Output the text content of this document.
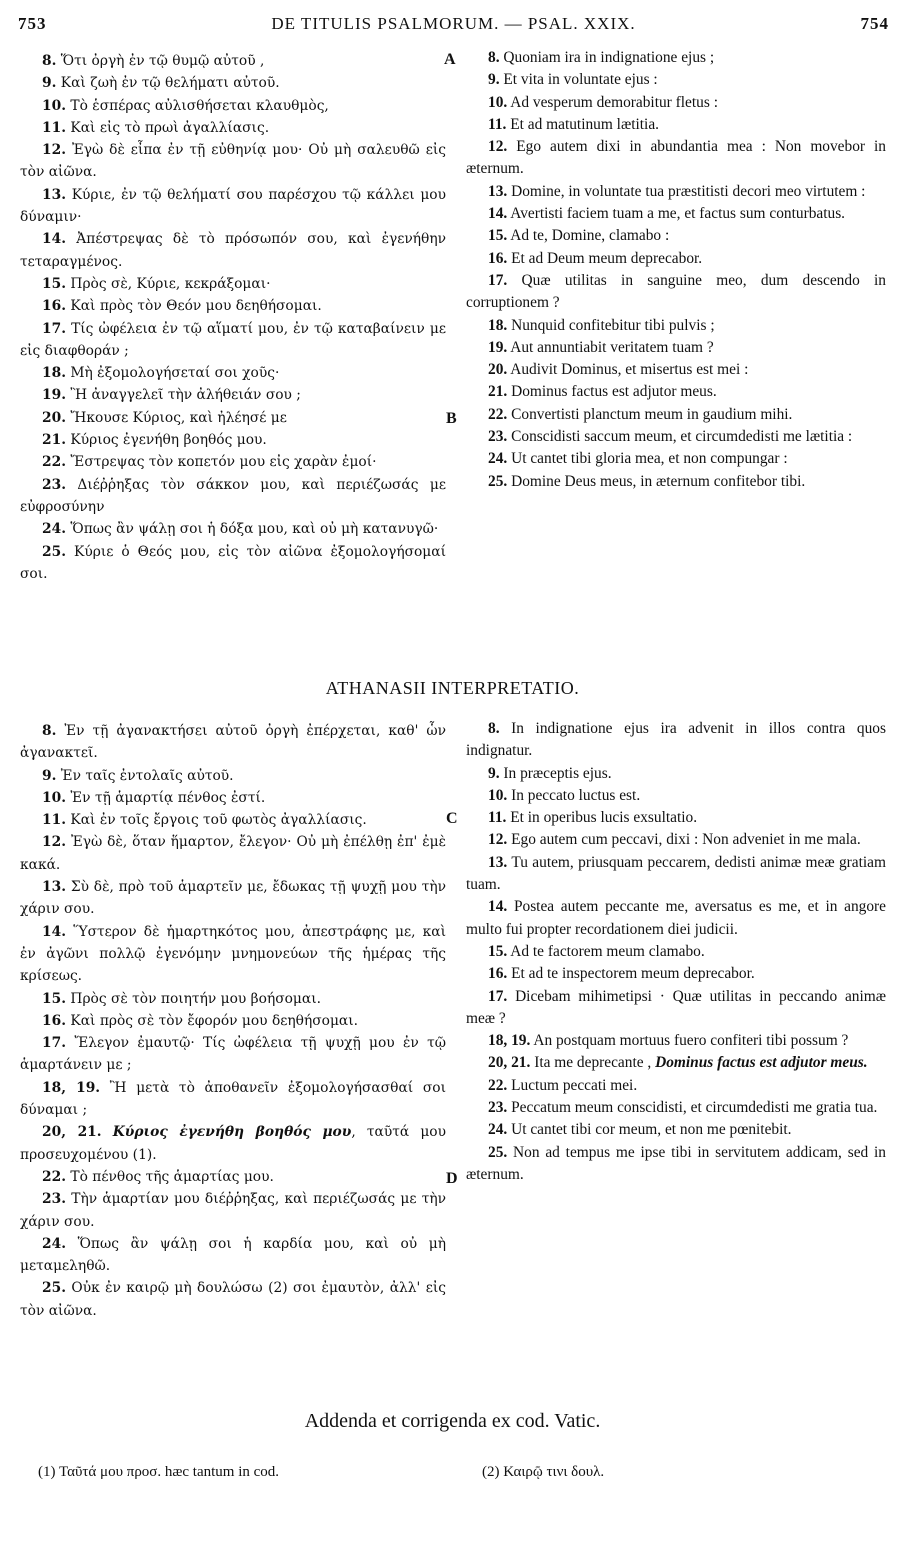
753	DE TITULIS PSALMORUM. — PSAL. XXIX.	754

8. Ὅτι ὀργὴ ἐν τῷ θυμῷ αὐτοῦ ,

9. Καὶ ζωὴ ἐν τῷ θελήματι αὐτοῦ.

10. Τὸ ἑσπέρας αὐλισθήσεται κλαυθμὸς,

11. Καὶ εἰς τὸ πρωὶ ἀγαλλίασις.

12. Ἐγὼ δὲ εἶπα ἐν τῇ εὐθηνίᾳ μου· Οὐ μὴ σαλευθῶ εἰς τὸν αἰῶνα.

13. Κύριε, ἐν τῷ θελήματί σου παρέσχου τῷ κάλλει μου δύναμιν·

14. Ἀπέστρεψας δὲ τὸ πρόσωπόν σου, καὶ ἐγενήθην τεταραγμένος.

15. Πρὸς σὲ, Κύριε, κεκράξομαι·

16. Καὶ πρὸς τὸν Θεόν μου δεηθήσομαι.

17. Τίς ὠφέλεια ἐν τῷ αἵματί μου, ἐν τῷ καταβαίνειν με εἰς διαφθοράν ;

18. Μὴ ἐξομολογήσεταί σοι χοῦς·

19. Ἢ ἀναγγελεῖ τὴν ἀλήθειάν σου ;

20. Ἤκουσε Κύριος, καὶ ἠλέησέ με

21. Κύριος ἐγενήθη βοηθός μου.

22. Ἔστρεψας τὸν κοπετόν μου εἰς χαρὰν ἐμοί·

23. Διέῤῥηξας τὸν σάκκον μου, καὶ περιέζωσάς με εὐφροσύνην

24. Ὅπως ἂν ψάλῃ σοι ἡ δόξα μου, καὶ οὐ μὴ κατανυγῶ·

25. Κύριε ὁ Θεός μου, εἰς τὸν αἰῶνα ἐξομολογήσομαί σοι.

8. Quoniam ira in indignatione ejus ;

9. Et vita in voluntate ejus :

10. Ad vesperum demorabitur fletus :

11. Et ad matutinum lætitia.

12. Ego autem dixi in abundantia mea : Non movebor in æternum.

13. Domine, in voluntate tua præstitisti decori meo virtutem :

14. Avertisti faciem tuam a me, et factus sum conturbatus.

15. Ad te, Domine, clamabo :

16. Et ad Deum meum deprecabor.

17. Quæ utilitas in sanguine meo, dum descendo in corruptionem ?

18. Nunquid confitebitur tibi pulvis ;

19. Aut annuntiabit veritatem tuam ?

20. Audivit Dominus, et misertus est mei :

21. Dominus factus est adjutor meus.

22. Convertisti planctum meum in gaudium mihi.

23. Conscidisti saccum meum, et circumdedisti me lætitia :

24. Ut cantet tibi gloria mea, et non compungar :

25. Domine Deus meus, in æternum confitebor tibi.

A
B
ATHANASII INTERPRETATIO.

8. Ἐν τῇ ἀγανακτήσει αὐτοῦ ὀργὴ ἐπέρχεται, καθ' ὧν ἀγανακτεῖ.

9. Ἐν ταῖς ἐντολαῖς αὐτοῦ.

10. Ἐν τῇ ἁμαρτίᾳ πένθος ἐστί.

11. Καὶ ἐν τοῖς ἔργοις τοῦ φωτὸς ἀγαλλίασις.

12. Ἐγὼ δὲ, ὅταν ἥμαρτον, ἔλεγον· Οὐ μὴ ἐπέλθῃ ἐπ' ἐμὲ κακά.

13. Σὺ δὲ, πρὸ τοῦ ἁμαρτεῖν με, ἔδωκας τῇ ψυχῇ μου τὴν χάριν σου.

14. Ὕστερον δὲ ἡμαρτηκότος μου, ἀπεστράφης με, καὶ ἐν ἀγῶνι πολλῷ ἐγενόμην μνημονεύων τῆς ἡμέρας τῆς κρίσεως.

15. Πρὸς σὲ τὸν ποιητήν μου βοήσομαι.

16. Καὶ πρὸς σὲ τὸν ἔφορόν μου δεηθήσομαι.

17. Ἔλεγον ἐμαυτῷ· Τίς ὠφέλεια τῇ ψυχῇ μου ἐν τῷ ἁμαρτάνειν με ;

18, 19. Ἢ μετὰ τὸ ἀποθανεῖν ἐξομολογήσασθαί σοι δύναμαι ;

20, 21. Κύριος ἐγενήθη βοηθός μου, ταῦτά μου προσευχομένου (1).

22. Τὸ πένθος τῆς ἁμαρτίας μου.

23. Τὴν ἁμαρτίαν μου διέῤῥηξας, καὶ περιέζωσάς με τὴν χάριν σου.

24. Ὅπως ἂν ψάλῃ σοι ἡ καρδία μου, καὶ οὐ μὴ μεταμεληθῶ.

25. Οὐκ ἐν καιρῷ μὴ δουλώσω (2) σοι ἐμαυτὸν, ἀλλ' εἰς τὸν αἰῶνα.

8. In indignatione ejus ira advenit in illos contra quos indignatur.

9. In præceptis ejus.

10. In peccato luctus est.

11. Et in operibus lucis exsultatio.

12. Ego autem cum peccavi, dixi : Non adveniet in me mala.

13. Tu autem, priusquam peccarem, dedisti animæ meæ gratiam tuam.

14. Postea autem peccante me, aversatus es me, et in angore multo fui propter recordationem diei judicii.

15. Ad te factorem meum clamabo.

16. Et ad te inspectorem meum deprecabor.

17. Dicebam mihimetipsi · Quæ utilitas in peccando animæ meæ ?

18, 19. An postquam mortuus fuero confiteri tibi possum ?

20, 21. Ita me deprecante , Dominus factus est adjutor meus.

22. Luctum peccati mei.

23. Peccatum meum conscidisti, et circumdedisti me gratia tua.

24. Ut cantet tibi cor meum, et non me pœnitebit.

25. Non ad tempus me ipse tibi in servitutem addicam, sed in æternum.

C
D
Addenda et corrigenda ex cod. Vatic.
(1) Ταῦτά μου προσ. hæc tantum in cod.	(2) Καιρῷ τινι δουλ.
